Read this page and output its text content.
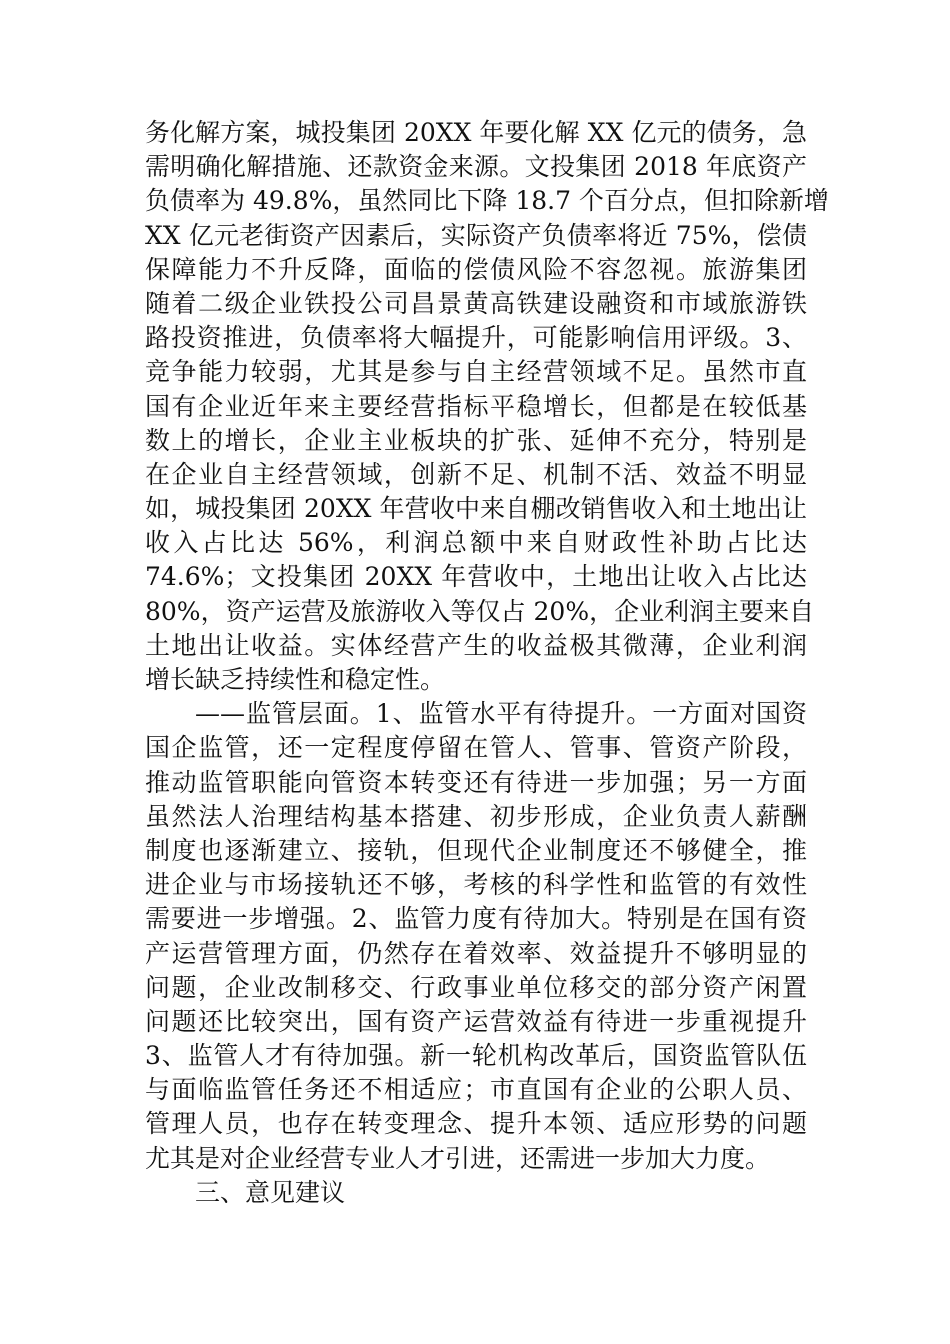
务化解方案，城投集团 20XX 年要化解 XX 亿元的债务，急
需明确化解措施、还款资金来源。文投集团 2018 年底资产
负债率为 49.8%，虽然同比下降 18.7 个百分点，但扣除新增
XX 亿元老街资产因素后，实际资产负债率将近 75%，偿债
保障能力不升反降，面临的偿债风险不容忽视。旅游集团
随着二级企业铁投公司昌景黄高铁建设融资和市域旅游铁
路投资推进，负债率将大幅提升，可能影响信用评级。3、
竞争能力较弱，尤其是参与自主经营领域不足。虽然市直
国有企业近年来主要经营指标平稳增长，但都是在较低基
数上的增长，企业主业板块的扩张、延伸不充分，特别是
在企业自主经营领域，创新不足、机制不活、效益不明显
如，城投集团 20XX 年营收中来自棚改销售收入和土地出让
收入占比达 56%，利润总额中来自财政性补助占比达
74.6%；文投集团 20XX 年营收中，土地出让收入占比达
80%，资产运营及旅游收入等仅占 20%，企业利润主要来自
土地出让收益。实体经营产生的收益极其微薄，企业利润
增长缺乏持续性和稳定性。
——监管层面。1、监管水平有待提升。一方面对国资
国企监管，还一定程度停留在管人、管事、管资产阶段，
推动监管职能向管资本转变还有待进一步加强；另一方面
虽然法人治理结构基本搭建、初步形成，企业负责人薪酬
制度也逐渐建立、接轨，但现代企业制度还不够健全，推
进企业与市场接轨还不够，考核的科学性和监管的有效性
需要进一步增强。2、监管力度有待加大。特别是在国有资
产运营管理方面，仍然存在着效率、效益提升不够明显的
问题，企业改制移交、行政事业单位移交的部分资产闲置
问题还比较突出，国有资产运营效益有待进一步重视提升
3、监管人才有待加强。新一轮机构改革后，国资监管队伍
与面临监管任务还不相适应；市直国有企业的公职人员、
管理人员，也存在转变理念、提升本领、适应形势的问题
尤其是对企业经营专业人才引进，还需进一步加大力度。
三、意见建议
